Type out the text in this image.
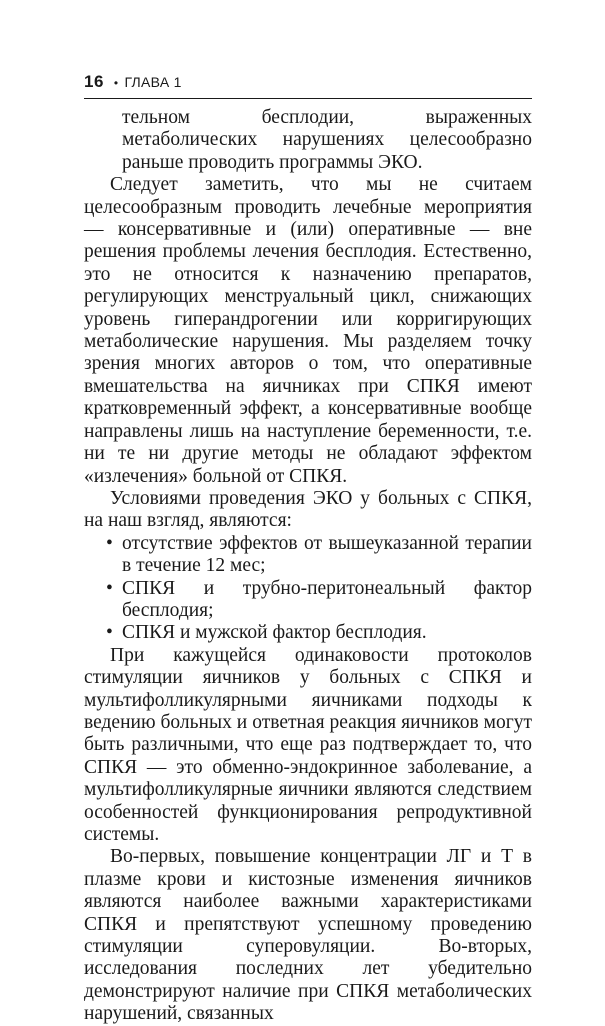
16 • ГЛАВА 1

тельном бесплодии, выраженных метаболических нарушениях целесообразно раньше проводить программы ЭКО.

Следует заметить, что мы не считаем целесообразным проводить лечебные мероприятия — консервативные и (или) оперативные — вне решения проблемы лечения бесплодия. Естественно, это не относится к назначению препаратов, регулирующих менструальный цикл, снижающих уровень гиперандрогении или корригирующих метаболические нарушения. Мы разделяем точку зрения многих авторов о том, что оперативные вмешательства на яичниках при СПКЯ имеют кратковременный эффект, а консервативные вообще направлены лишь на наступление беременности, т.е. ни те ни другие методы не обладают эффектом «излечения» больной от СПКЯ.

Условиями проведения ЭКО у больных с СПКЯ, на наш взгляд, являются:

• отсутствие эффектов от вышеуказанной терапии в течение 12 мес;
• СПКЯ и трубно-перитонеальный фактор бесплодия;
• СПКЯ и мужской фактор бесплодия.

При кажущейся одинаковости протоколов стимуляции яичников у больных с СПКЯ и мультифолликулярными яичниками подходы к ведению больных и ответная реакция яичников могут быть различными, что еще раз подтверждает то, что СПКЯ — это обменно-эндокринное заболевание, а мультифолликулярные яичники являются следствием особенностей функционирования репродуктивной системы.

Во-первых, повышение концентрации ЛГ и Т в плазме крови и кистозные изменения яичников являются наиболее важными характеристиками СПКЯ и препятствуют успешному проведению стимуляции суперовуляции. Во-вторых, исследования последних лет убедительно демонстрируют наличие при СПКЯ метаболических нарушений, связанных
